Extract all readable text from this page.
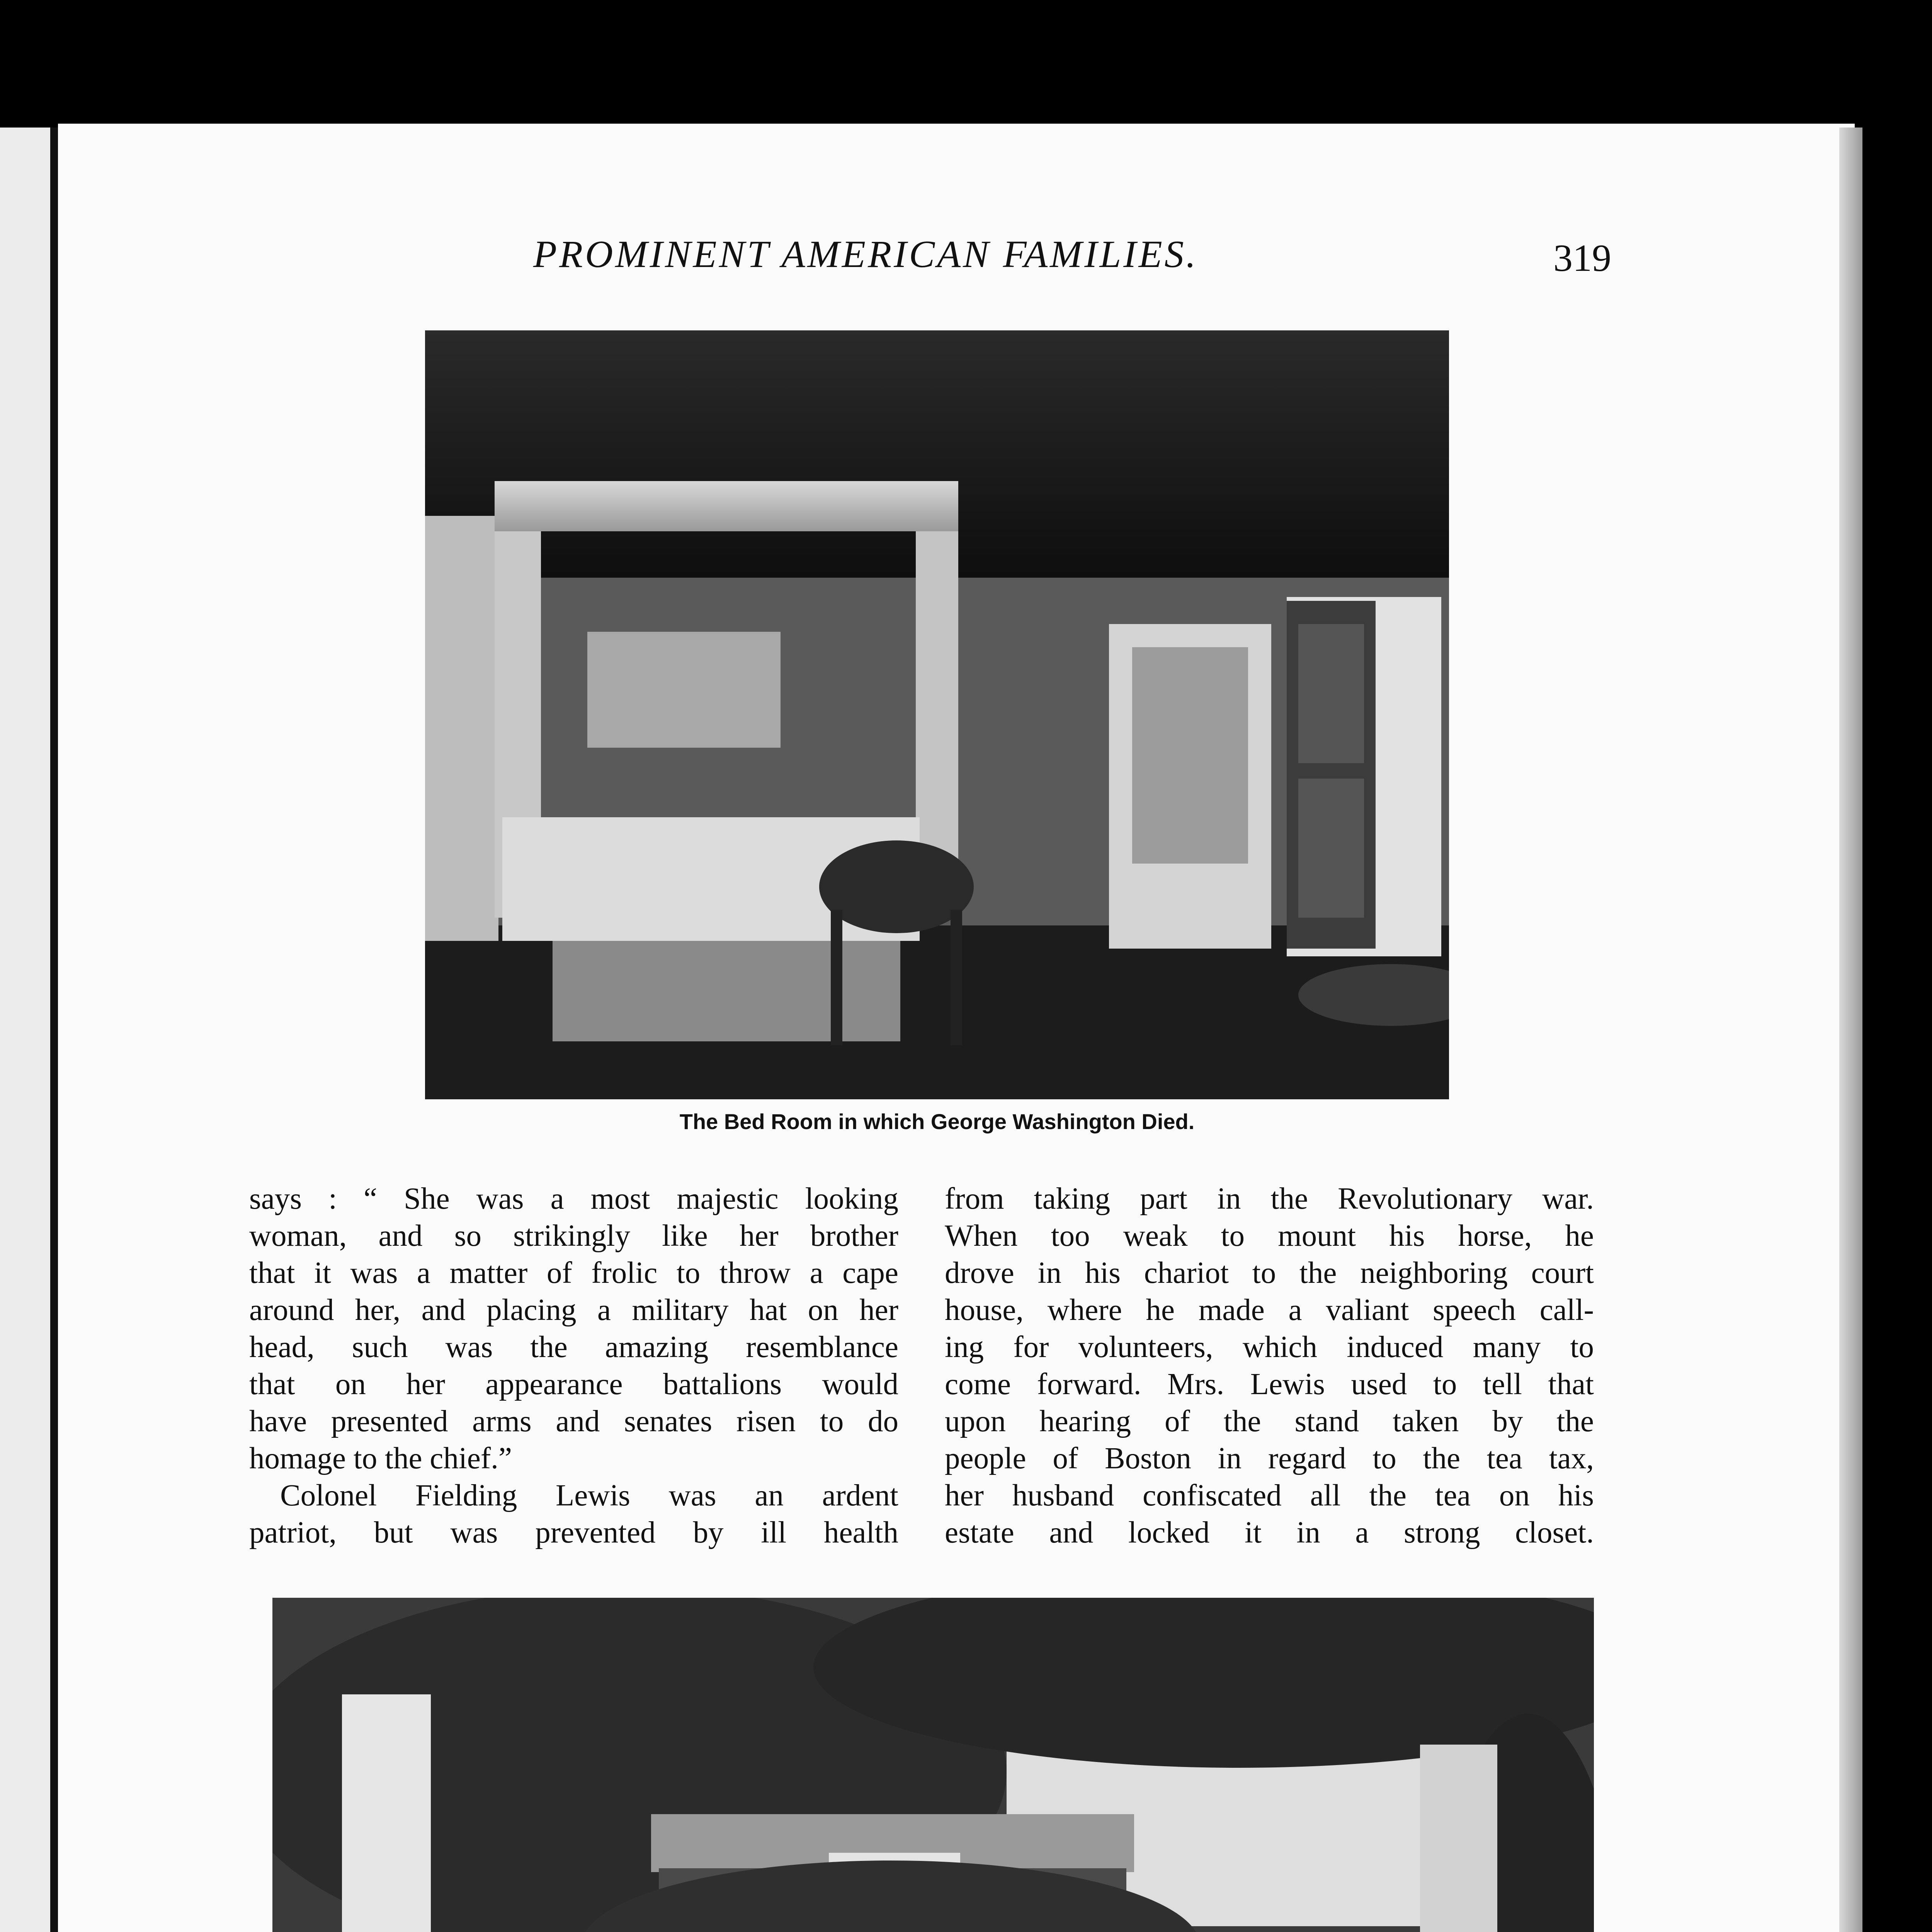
PROMINENT AMERICAN FAMILIES.	319
The Bed Room in which George Washington Died.

says : “ She was a most majestic looking
woman, and so strikingly like her brother
that it was a matter of frolic to throw a cape
around her, and placing a military hat on her
head, such was the amazing resemblance
that on her appearance battalions would
have presented arms and senates risen to do
homage to the chief.”

Colonel Fielding Lewis was an ardent
patriot, but was prevented by ill health

from taking part in the Revolutionary war.
When too weak to mount his horse, he
drove in his chariot to the neighboring court
house, where he made a valiant speech call-
ing for volunteers, which induced many to
come forward. Mrs. Lewis used to tell that
upon hearing of the stand taken by the
people of Boston in regard to the tea tax,
her husband confiscated all the tea on his
estate and locked it in a strong closet.
